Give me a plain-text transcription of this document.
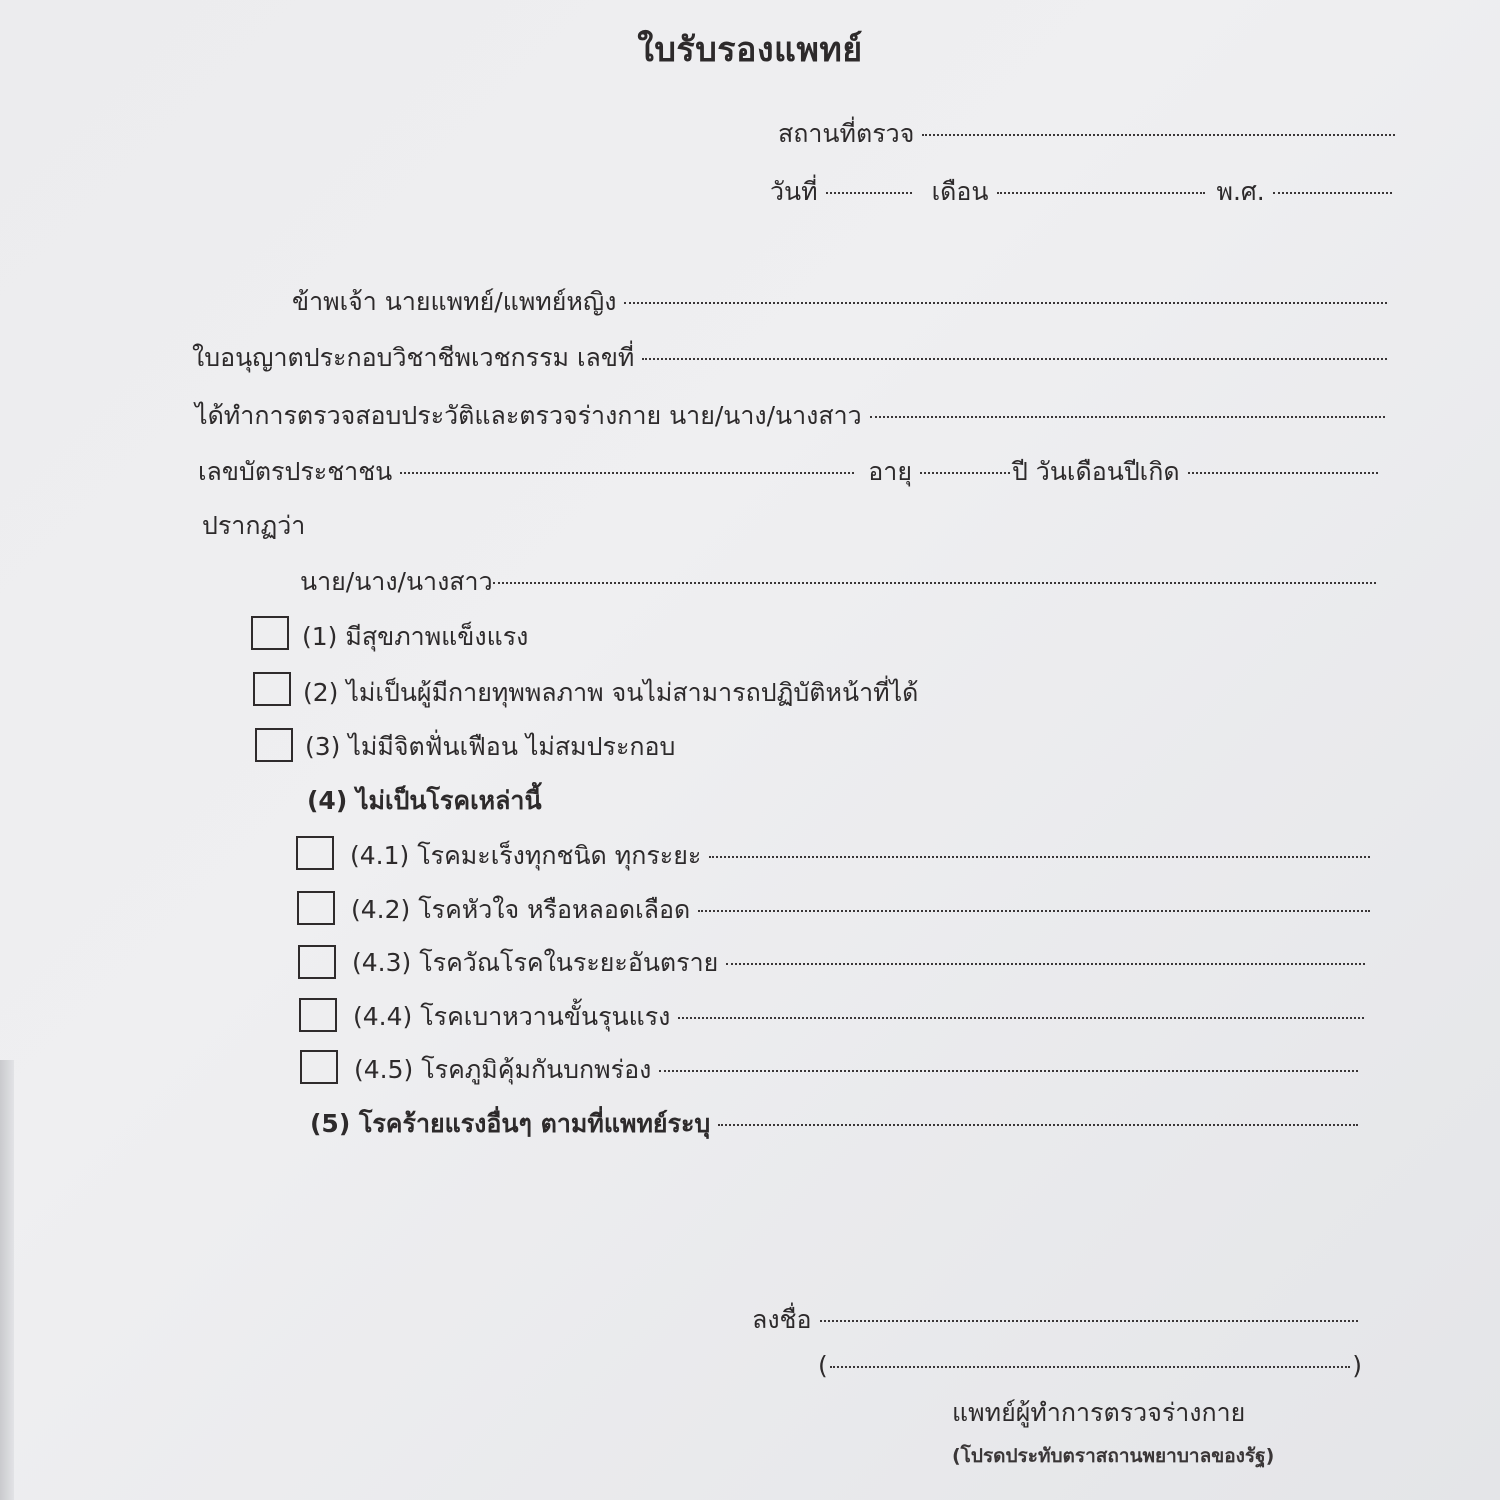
ใบรับรองแพทย์
สถานที่ตรวจ
วันที่	เดือน	พ.ศ.
ข้าพเจ้า นายแพทย์/แพทย์หญิง
ใบอนุญาตประกอบวิชาชีพเวชกรรม เลขที่
ได้ทำการตรวจสอบประวัติและตรวจร่างกาย นาย/นาง/นางสาว
เลขบัตรประชาชน	อายุ	ปี วันเดือนปีเกิด
ปรากฏว่า
นาย/นาง/นางสาว
(1) มีสุขภาพแข็งแรง
(2) ไม่เป็นผู้มีกายทุพพลภาพ จนไม่สามารถปฏิบัติหน้าที่ได้
(3) ไม่มีจิตฟั่นเฟือน ไม่สมประกอบ
(4) ไม่เป็นโรคเหล่านี้
(4.1) โรคมะเร็งทุกชนิด ทุกระยะ
(4.2) โรคหัวใจ หรือหลอดเลือด
(4.3) โรควัณโรคในระยะอันตราย
(4.4) โรคเบาหวานขั้นรุนแรง
(4.5) โรคภูมิคุ้มกันบกพร่อง
(5) โรคร้ายแรงอื่นๆ ตามที่แพทย์ระบุ
ลงชื่อ
(	)
แพทย์ผู้ทำการตรวจร่างกาย
(โปรดประทับตราสถานพยาบาลของรัฐ)
